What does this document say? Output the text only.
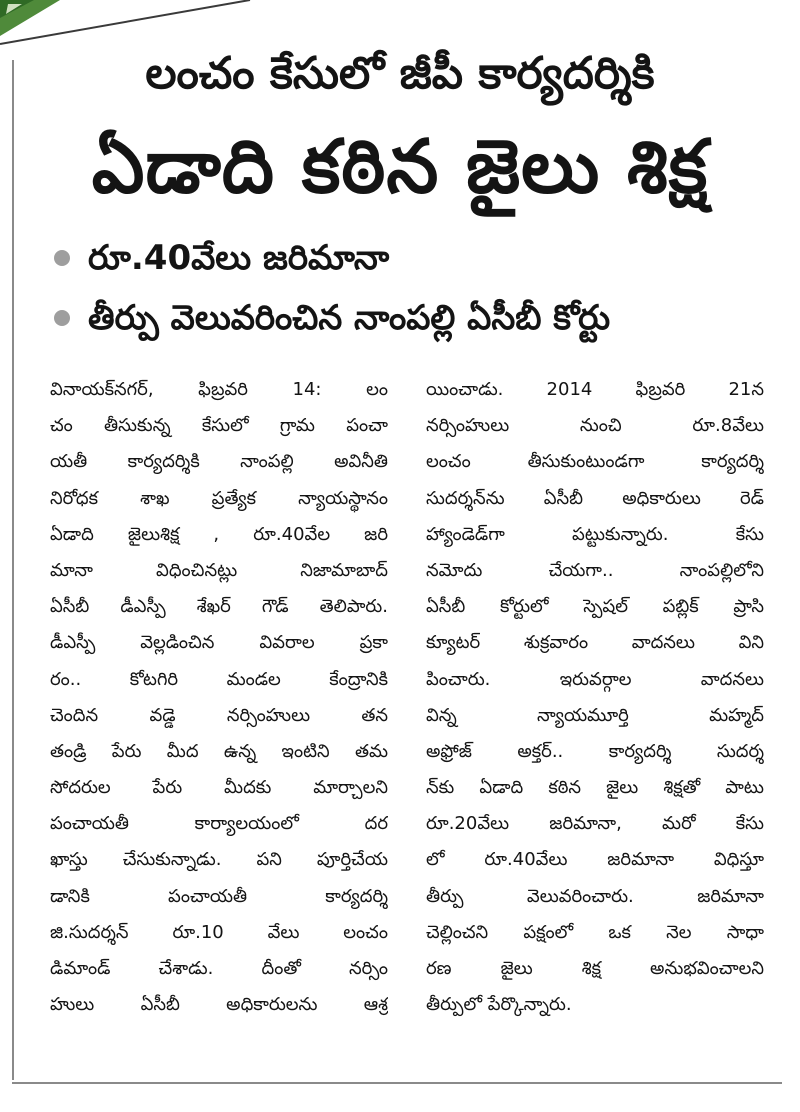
లంచం కేసులో జీపీ కార్యదర్శికి
ఏడాది కఠిన జైలు శిక్ష
రూ.40వేలు జరిమానా
తీర్పు వెలువరించిన నాంపల్లి ఏసీబీ కోర్టు
వినాయక్‌నగర్, ఫిబ్రవరి 14: లం
చం తీసుకున్న కేసులో గ్రామ పంచా
యతీ కార్యదర్శికి నాంపల్లి అవినీతి
నిరోధక శాఖ ప్రత్యేక న్యాయస్థానం
ఏడాది జైలుశిక్ష , రూ.40వేల జరి
మానా విధించినట్లు నిజామాబాద్
ఏసీబీ డీఎస్పీ శేఖర్ గౌడ్ తెలిపారు.
డీఎస్పీ వెల్లడించిన వివరాల ప్రకా
రం.. కోటగిరి మండల కేంద్రానికి
చెందిన వడ్డె నర్సింహులు తన
తండ్రి పేరు మీద ఉన్న ఇంటిని తమ
సోదరుల పేరు మీదకు మార్చాలని
పంచాయతీ కార్యాలయంలో దర
ఖాస్తు చేసుకున్నాడు. పని పూర్తిచేయ
డానికి పంచాయతీ కార్యదర్శి
జి.సుదర్శన్ రూ.10 వేలు లంచం
డిమాండ్ చేశాడు. దీంతో నర్సిం
హులు ఏసీబీ అధికారులను ఆశ్ర
యించాడు. 2014 ఫిబ్రవరి 21న
నర్సింహులు నుంచి రూ.8వేలు
లంచం తీసుకుంటుండగా కార్యదర్శి
సుదర్శన్‌ను ఏసీబీ అధికారులు రెడ్
హ్యాండెడ్‌గా పట్టుకున్నారు. కేసు
నమోదు చేయగా.. నాంపల్లిలోని
ఏసీబీ కోర్టులో స్పెషల్ పబ్లిక్ ప్రాసి
క్యూటర్ శుక్రవారం వాదనలు విని
పించారు. ఇరువర్గాల వాదనలు
విన్న న్యాయమూర్తి మహ్మద్
అఫ్రోజ్ అక్తర్.. కార్యదర్శి సుదర్శ
న్‌కు ఏడాది కఠిన జైలు శిక్షతో పాటు
రూ.20వేలు జరిమానా, మరో కేసు
లో రూ.40వేలు జరిమానా విధిస్తూ
తీర్పు వెలువరించారు. జరిమానా
చెల్లించని పక్షంలో ఒక నెల సాధా
రణ జైలు శిక్ష అనుభవించాలని
తీర్పులో పేర్కొన్నారు.
